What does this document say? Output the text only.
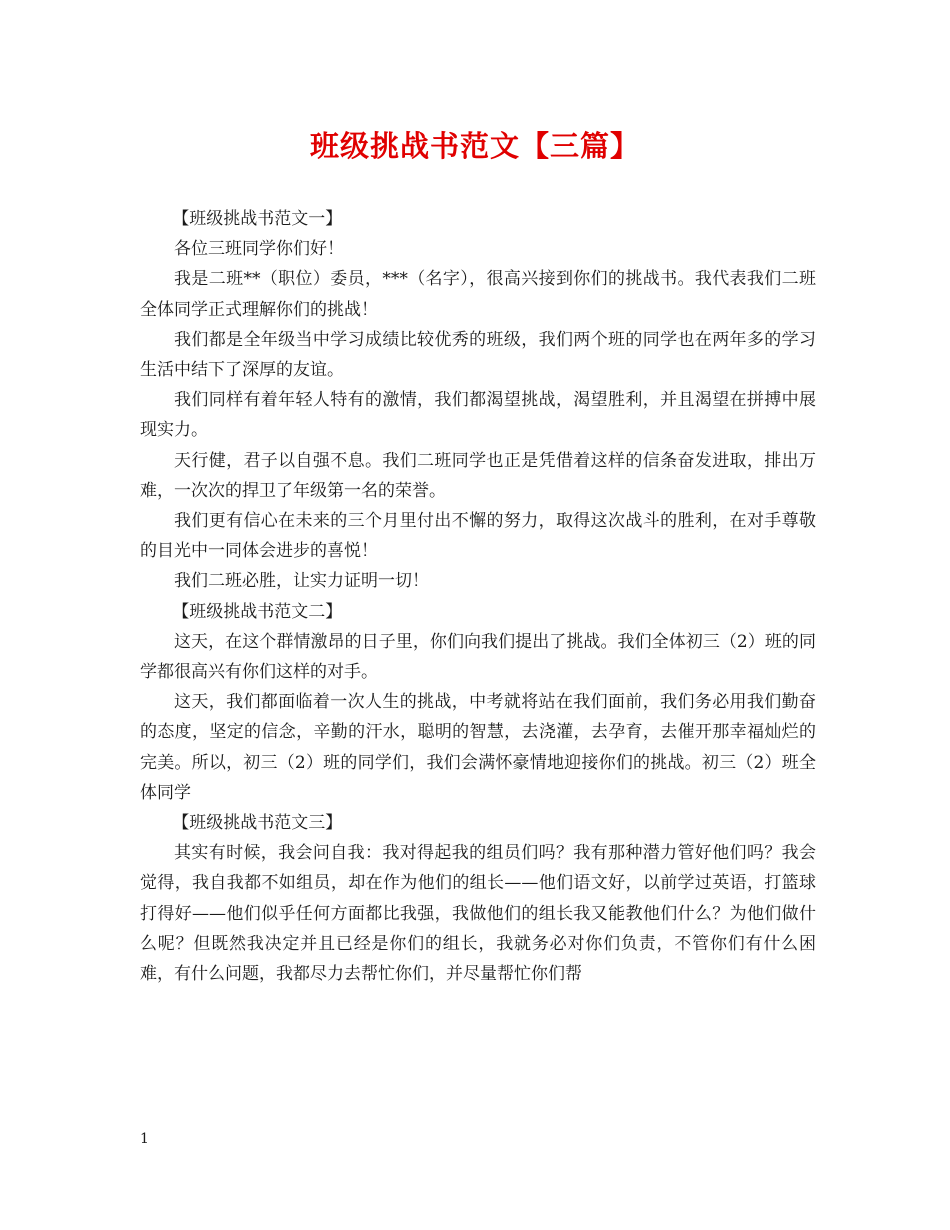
班级挑战书范文【三篇】

【班级挑战书范文一】

各位三班同学你们好！

我是二班**（职位）委员，***（名字），很高兴接到你们的挑战书。我代表我们二班全体同学正式理解你们的挑战！

我们都是全年级当中学习成绩比较优秀的班级，我们两个班的同学也在两年多的学习生活中结下了深厚的友谊。

我们同样有着年轻人特有的激情，我们都渴望挑战，渴望胜利，并且渴望在拼搏中展现实力。

天行健，君子以自强不息。我们二班同学也正是凭借着这样的信条奋发进取，排出万难，一次次的捍卫了年级第一名的荣誉。

我们更有信心在未来的三个月里付出不懈的努力，取得这次战斗的胜利，在对手尊敬的目光中一同体会进步的喜悦！

我们二班必胜，让实力证明一切！

【班级挑战书范文二】

这天，在这个群情激昂的日子里，你们向我们提出了挑战。我们全体初三（2）班的同学都很高兴有你们这样的对手。

这天，我们都面临着一次人生的挑战，中考就将站在我们面前，我们务必用我们勤奋的态度，坚定的信念，辛勤的汗水，聪明的智慧，去浇灌，去孕育，去催开那幸福灿烂的完美。所以，初三（2）班的同学们，我们会满怀豪情地迎接你们的挑战。初三（2）班全体同学

【班级挑战书范文三】

其实有时候，我会问自我：我对得起我的组员们吗？我有那种潜力管好他们吗？我会觉得，我自我都不如组员，却在作为他们的组长——他们语文好，以前学过英语，打篮球打得好——他们似乎任何方面都比我强，我做他们的组长我又能教他们什么？为他们做什么呢？但既然我决定并且已经是你们的组长，我就务必对你们负责，不管你们有什么困难，有什么问题，我都尽力去帮忙你们，并尽量帮忙你们帮

1
